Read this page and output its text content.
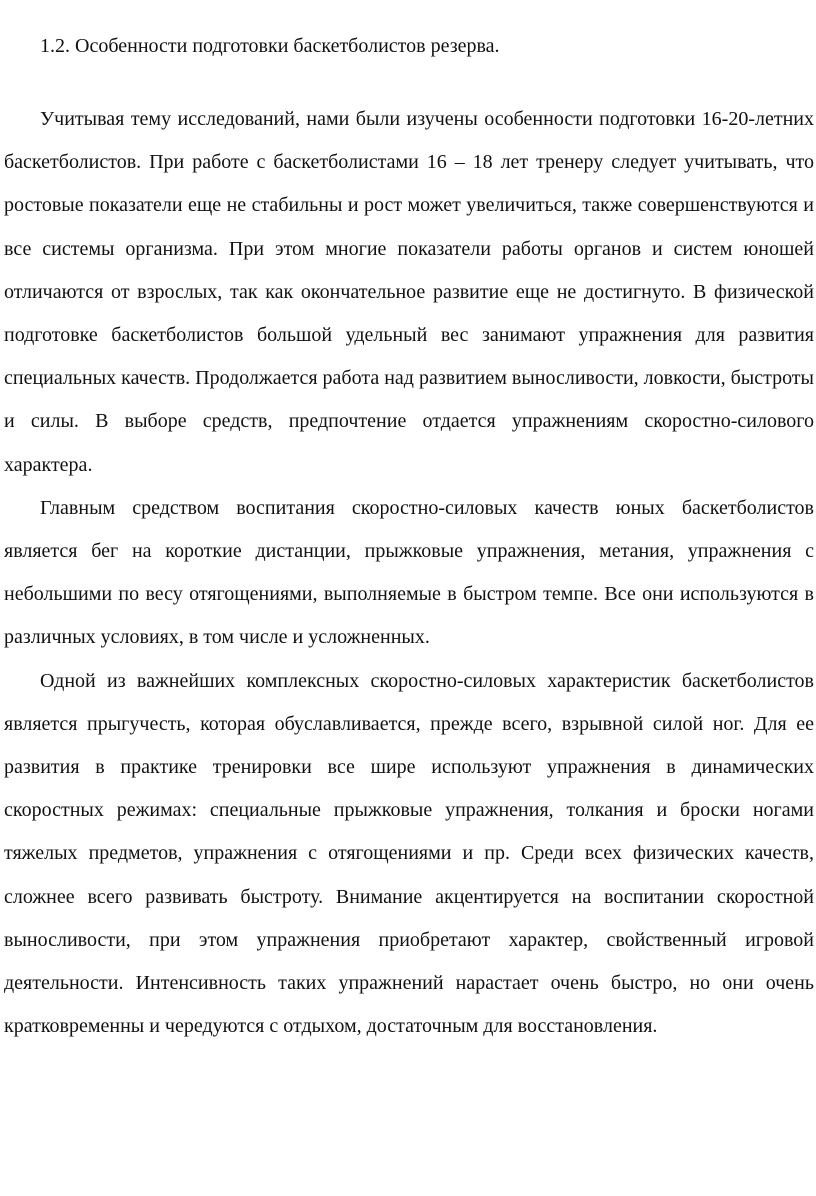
1.2. Особенности подготовки баскетболистов резерва.

Учитывая тему исследований, нами были изучены особенности подготовки 16-20-летних баскетболистов. При работе с баскетболистами 16 – 18 лет тренеру следует учитывать, что ростовые показатели еще не стабильны и рост может увеличиться, также совершенствуются и все системы организма. При этом многие показатели работы органов и систем юношей отличаются от взрослых, так как окончательное развитие еще не достигнуто. В физической подготовке баскетболистов большой удельный вес занимают упражнения для развития специальных качеств. Продолжается работа над развитием выносливости, ловкости, быстроты и силы. В выборе средств, предпочтение отдается упражнениям скоростно-силового характера.

Главным средством воспитания скоростно-силовых качеств юных баскетболистов является бег на короткие дистанции, прыжковые упражнения, метания, упражнения с небольшими по весу отягощениями, выполняемые в быстром темпе. Все они используются в различных условиях, в том числе и усложненных.

Одной из важнейших комплексных скоростно-силовых характеристик баскетболистов является прыгучесть, которая обуславливается, прежде всего, взрывной силой ног. Для ее развития в практике тренировки все шире используют упражнения в динамических скоростных режимах: специальные прыжковые упражнения, толкания и броски ногами тяжелых предметов, упражнения с отягощениями и пр. Среди всех физических качеств, сложнее всего развивать быстроту. Внимание акцентируется на воспитании скоростной выносливости, при этом упражнения приобретают характер, свойственный игровой деятельности. Интенсивность таких упражнений нарастает очень быстро, но они очень кратковременны и чередуются с отдыхом, достаточным для восстановления.
